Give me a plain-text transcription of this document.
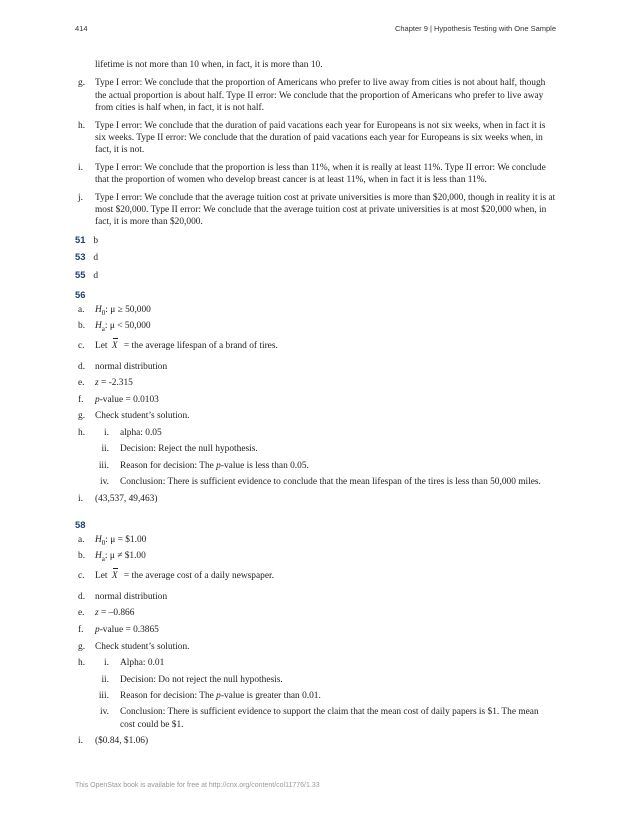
414	Chapter 9 | Hypothesis Testing with One Sample
lifetime is not more than 10 when, in fact, it is more than 10.
g. Type I error: We conclude that the proportion of Americans who prefer to live away from cities is not about half, though the actual proportion is about half. Type II error: We conclude that the proportion of Americans who prefer to live away from cities is half when, in fact, it is not half.
h. Type I error: We conclude that the duration of paid vacations each year for Europeans is not six weeks, when in fact it is six weeks. Type II error: We conclude that the duration of paid vacations each year for Europeans is six weeks when, in fact, it is not.
i. Type I error: We conclude that the proportion is less than 11%, when it is really at least 11%. Type II error: We conclude that the proportion of women who develop breast cancer is at least 11%, when in fact it is less than 11%.
j. Type I error: We conclude that the average tuition cost at private universities is more than $20,000, though in reality it is at most $20,000. Type II error: We conclude that the average tuition cost at private universities is at most $20,000 when, in fact, it is more than $20,000.
51 b
53 d
55 d
56
a. $H_0$: μ ≥ 50,000
b. $H_a$: μ < 50,000
c. Let X = the average lifespan of a brand of tires.
d. normal distribution
e. z = -2.315
f. p-value = 0.0103
g. Check student’s solution.
h.	i. alpha: 0.05
ii. Decision: Reject the null hypothesis.
iii. Reason for decision: The p-value is less than 0.05.
iv. Conclusion: There is sufficient evidence to conclude that the mean lifespan of the tires is less than 50,000 miles.
i. (43,537, 49,463)
58
a. $H_0$: μ = $1.00
b. $H_a$: μ ≠ $1.00
c. Let X = the average cost of a daily newspaper.
d. normal distribution
e. z = –0.866
f. p-value = 0.3865
g. Check student’s solution.
h.	i. Alpha: 0.01
ii. Decision: Do not reject the null hypothesis.
iii. Reason for decision: The p-value is greater than 0.01.
iv. Conclusion: There is sufficient evidence to support the claim that the mean cost of daily papers is $1. The mean cost could be $1.
i. ($0.84, $1.06)
This OpenStax book is available for free at http://cnx.org/content/col11776/1.33
